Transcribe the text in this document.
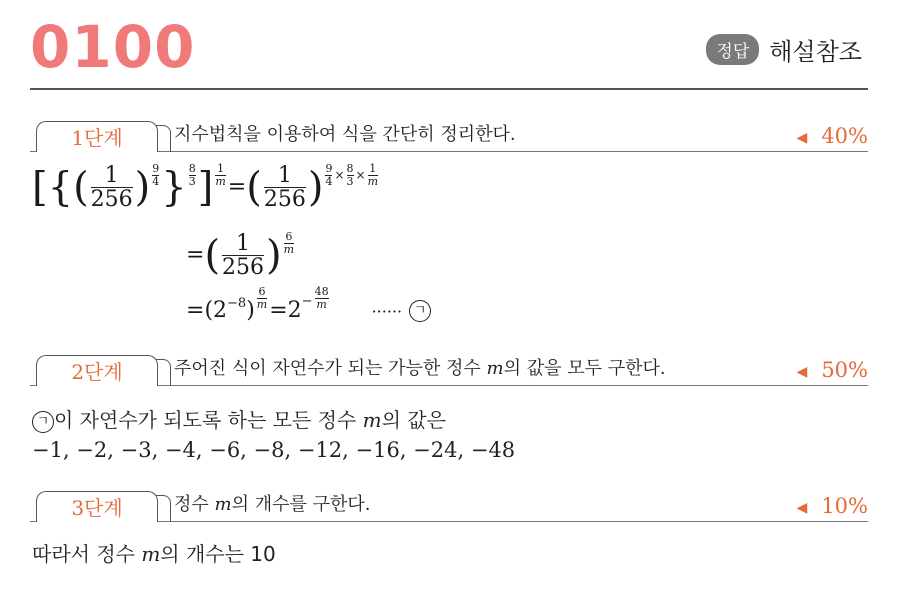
0100	정답 해설참조
1단계	지수법칙을 이용하여 식을 간단히 정리한다.	◀ 40%
[{( $\frac{1}{256}$ ) $^{\frac{9}{4}}$ } $^{\frac{8}{3}}$ ] $^{\frac{1}{m}}$ =( $\frac{1}{256}$ ) $^{\frac{9}{4} \times \frac{8}{3} \times \frac{1}{m}}$
=( $\frac{1}{256}$ ) $^{\frac{6}{m}}$
$=(2^{-8})$ $^{\frac{6}{m}}$ =2− $^{\frac{48}{m}}$
······ ㄱ
2단계	주어진 식이 자연수가 되는 가능한 정수 m의 값을 모두 구한다.	◀ 50%
ㄱ 이 자연수가 되도록 하는 모든 정수 m의 값은
−1, −2, −3, −4, −6, −8, −12, −16, −24, −48
3단계	정수 m의 개수를 구한다.	◀ 10%
따라서 정수 m의 개수는 10
